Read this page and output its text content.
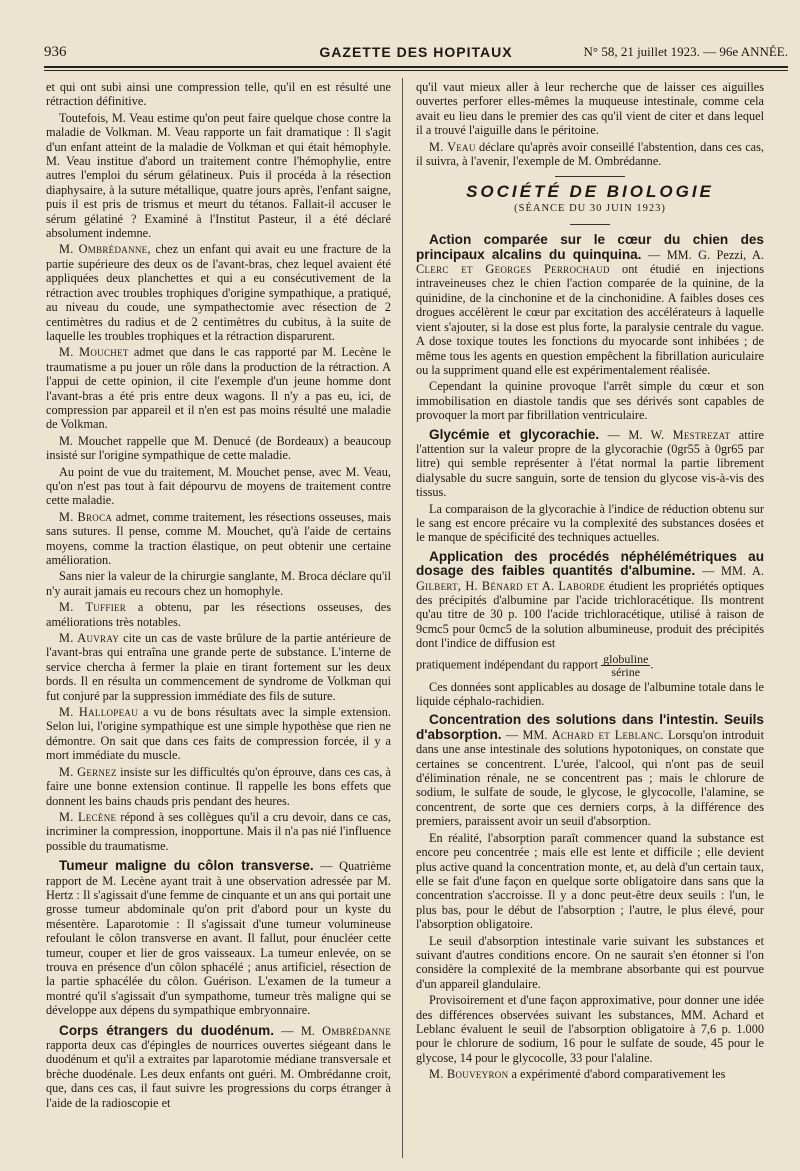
936	GAZETTE DES HOPITAUX	N° 58, 21 juillet 1923. — 96e ANNÉE.

et qui ont subi ainsi une compression telle, qu'il en est résulté une rétraction définitive.

Toutefois, M. Veau estime qu'on peut faire quelque chose contre la maladie de Volkman. M. Veau rapporte un fait dramatique : Il s'agit d'un enfant atteint de la maladie de Volkman et qui était hémophyle. M. Veau institue d'abord un traitement contre l'hémophylie, entre autres l'emploi du sérum gélatineux. Puis il procéda à la résection diaphysaire, à la suture métallique, quatre jours après, l'enfant saigne, puis il est pris de trismus et meurt du tétanos. Fallait-il accuser le sérum gélatiné ? Examiné à l'Institut Pasteur, il a été déclaré absolument indemne.

M. Ombrédanne, chez un enfant qui avait eu une fracture de la partie supérieure des deux os de l'avant-bras, chez lequel avaient été appliquées deux planchettes et qui a eu consécutivement de la rétraction avec troubles trophiques d'origine sympathique, a pratiqué, au niveau du coude, une sympathectomie avec résection de 2 centimètres du radius et de 2 centimètres du cubitus, à la suite de laquelle les troubles trophiques et la rétraction disparurent.

M. Mouchet admet que dans le cas rapporté par M. Lecène le traumatisme a pu jouer un rôle dans la production de la rétraction. A l'appui de cette opinion, il cite l'exemple d'un jeune homme dont l'avant-bras a été pris entre deux wagons. Il n'y a pas eu, ici, de compression par appareil et il n'en est pas moins résulté une maladie de Volkman.

M. Mouchet rappelle que M. Denucé (de Bordeaux) a beaucoup insisté sur l'origine sympathique de cette maladie.

Au point de vue du traitement, M. Mouchet pense, avec M. Veau, qu'on n'est pas tout à fait dépourvu de moyens de traitement contre cette maladie.

M. Broca admet, comme traitement, les résections osseuses, mais sans sutures. Il pense, comme M. Mouchet, qu'à l'aide de certains moyens, comme la traction élastique, on peut obtenir une certaine amélioration.

Sans nier la valeur de la chirurgie sanglante, M. Broca déclare qu'il n'y aurait jamais eu recours chez un homophyle.

M. Tuffier a obtenu, par les résections osseuses, des améliorations très notables.

M. Auvray cite un cas de vaste brûlure de la partie antérieure de l'avant-bras qui entraîna une grande perte de substance. L'interne de service chercha à fermer la plaie en tirant fortement sur les deux bords. Il en résulta un commencement de syndrome de Volkman qui fut conjuré par la suppression immédiate des fils de suture.

M. Hallopeau a vu de bons résultats avec la simple extension. Selon lui, l'origine sympathique est une simple hypothèse que rien ne démontre. On sait que dans ces faits de compression forcée, il y a mort immédiate du muscle.

M. Gernez insiste sur les difficultés qu'on éprouve, dans ces cas, à faire une bonne extension continue. Il rappelle les bons effets que donnent les bains chauds pris pendant des heures.

M. Lecène répond à ses collègues qu'il a cru devoir, dans ce cas, incriminer la compression, inopportune. Mais il n'a pas nié l'influence possible du traumatisme.

Tumeur maligne du côlon transverse. — Quatrième rapport de M. Lecène ayant trait à une observation adressée par M. Hertz : Il s'agissait d'une femme de cinquante et un ans qui portait une grosse tumeur abdominale qu'on prit d'abord pour un kyste du mésentère. Laparotomie : Il s'agissait d'une tumeur volumineuse refoulant le côlon transverse en avant. Il fallut, pour énucléer cette tumeur, couper et lier de gros vaisseaux. La tumeur enlevée, on se trouva en présence d'un côlon sphacélé ; anus artificiel, résection de la partie sphacélée du côlon. Guérison. L'examen de la tumeur a montré qu'il s'agissait d'un sympathome, tumeur très maligne qui se développe aux dépens du sympathique embryonnaire.

Corps étrangers du duodénum. — M. Ombrédanne rapporta deux cas d'épingles de nourrices ouvertes siégeant dans le duodénum et qu'il a extraites par laparotomie médiane transversale et brèche duodénale. Les deux enfants ont guéri. M. Ombrédanne croit, que, dans ces cas, il faut suivre les progressions du corps étranger à l'aide de la radioscopie et

qu'il vaut mieux aller à leur recherche que de laisser ces aiguilles ouvertes perforer elles-mêmes la muqueuse intestinale, comme cela avait eu lieu dans le premier des cas qu'il vient de citer et dans lequel il a trouvé l'aiguille dans le péritoine.

M. Veau déclare qu'après avoir conseillé l'abstention, dans ces cas, il suivra, à l'avenir, l'exemple de M. Ombrédanne.

SOCIÉTÉ DE BIOLOGIE
(SÉANCE DU 30 JUIN 1923)

Action comparée sur le cœur du chien des principaux alcalins du quinquina. — MM. G. Pezzi, A. Clerc et Georges Perrochaud ont étudié en injections intraveineuses chez le chien l'action comparée de la quinine, de la quinidine, de la cinchonine et de la cinchonidine. A faibles doses ces drogues accélèrent le cœur par excitation des accélérateurs à laquelle vient s'ajouter, si la dose est plus forte, la paralysie centrale du vague. A dose toxique toutes les fonctions du myocarde sont inhibées ; de même tous les agents en question empêchent la fibrillation auriculaire ou la suppriment quand elle est expérimentalement réalisée.

Cependant la quinine provoque l'arrêt simple du cœur et son immobilisation en diastole tandis que ses dérivés sont capables de provoquer la mort par fibrillation ventriculaire.

Glycémie et glycorachie. — M. W. Mestrezat attire l'attention sur la valeur propre de la glycorachie (0gr55 à 0gr65 par litre) qui semble représenter à l'état normal la partie librement dialysable du sucre sanguin, sorte de tension du glycose vis-à-vis des tissus.

La comparaison de la glycorachie à l'indice de réduction obtenu sur le sang est encore précaire vu la complexité des substances dosées et le manque de spécificité des techniques actuelles.

Application des procédés néphélémétriques au dosage des faibles quantités d'albumine. — MM. A. Gilbert, H. Bénard et A. Laborde étudient les propriétés optiques des précipités d'albumine par l'acide trichloracétique. Ils montrent qu'au titre de 30 p. 100 l'acide trichloracétique, utilisé à raison de 9cmc5 pour 0cmc5 de la solution albumineuse, produit des précipités dont l'indice de diffusion est

pratiquement indépendant du rapport $\frac{\text{globuline}}{\text{sérine}}$ .

Ces données sont applicables au dosage de l'albumine totale dans le liquide céphalo-rachidien.

Concentration des solutions dans l'intestin. Seuils d'absorption. — MM. Achard et Leblanc. Lorsqu'on introduit dans une anse intestinale des solutions hypotoniques, on constate que certaines se concentrent. L'urée, l'alcool, qui n'ont pas de seuil d'élimination rénale, ne se concentrent pas ; mais le chlorure de sodium, le sulfate de soude, le glycose, le glycocolle, l'alamine, se concentrent, de sorte que ces derniers corps, à la différence des premiers, paraissent avoir un seuil d'absorption.

En réalité, l'absorption paraît commencer quand la substance est encore peu concentrée ; mais elle est lente et difficile ; elle devient plus active quand la concentration monte, et, au delà d'un certain taux, elle se fait d'une façon en quelque sorte obligatoire dans sans que la concentration s'accroisse. Il y a donc peut-être deux seuils : l'un, le plus bas, pour le début de l'absorption ; l'autre, le plus élevé, pour l'absorption obligatoire.

Le seuil d'absorption intestinale varie suivant les substances et suivant d'autres conditions encore. On ne saurait s'en étonner si l'on considère la complexité de la membrane absorbante qui est pourvue d'un appareil glandulaire.

Provisoirement et d'une façon approximative, pour donner une idée des différences observées suivant les substances, MM. Achard et Leblanc évaluent le seuil de l'absorption obligatoire à 7,6 p. 1.000 pour le chlorure de sodium, 16 pour le sulfate de soude, 45 pour le glycose, 14 pour le glycocolle, 33 pour l'alaline.

M. Bouveyron a expérimenté d'abord comparativement les
